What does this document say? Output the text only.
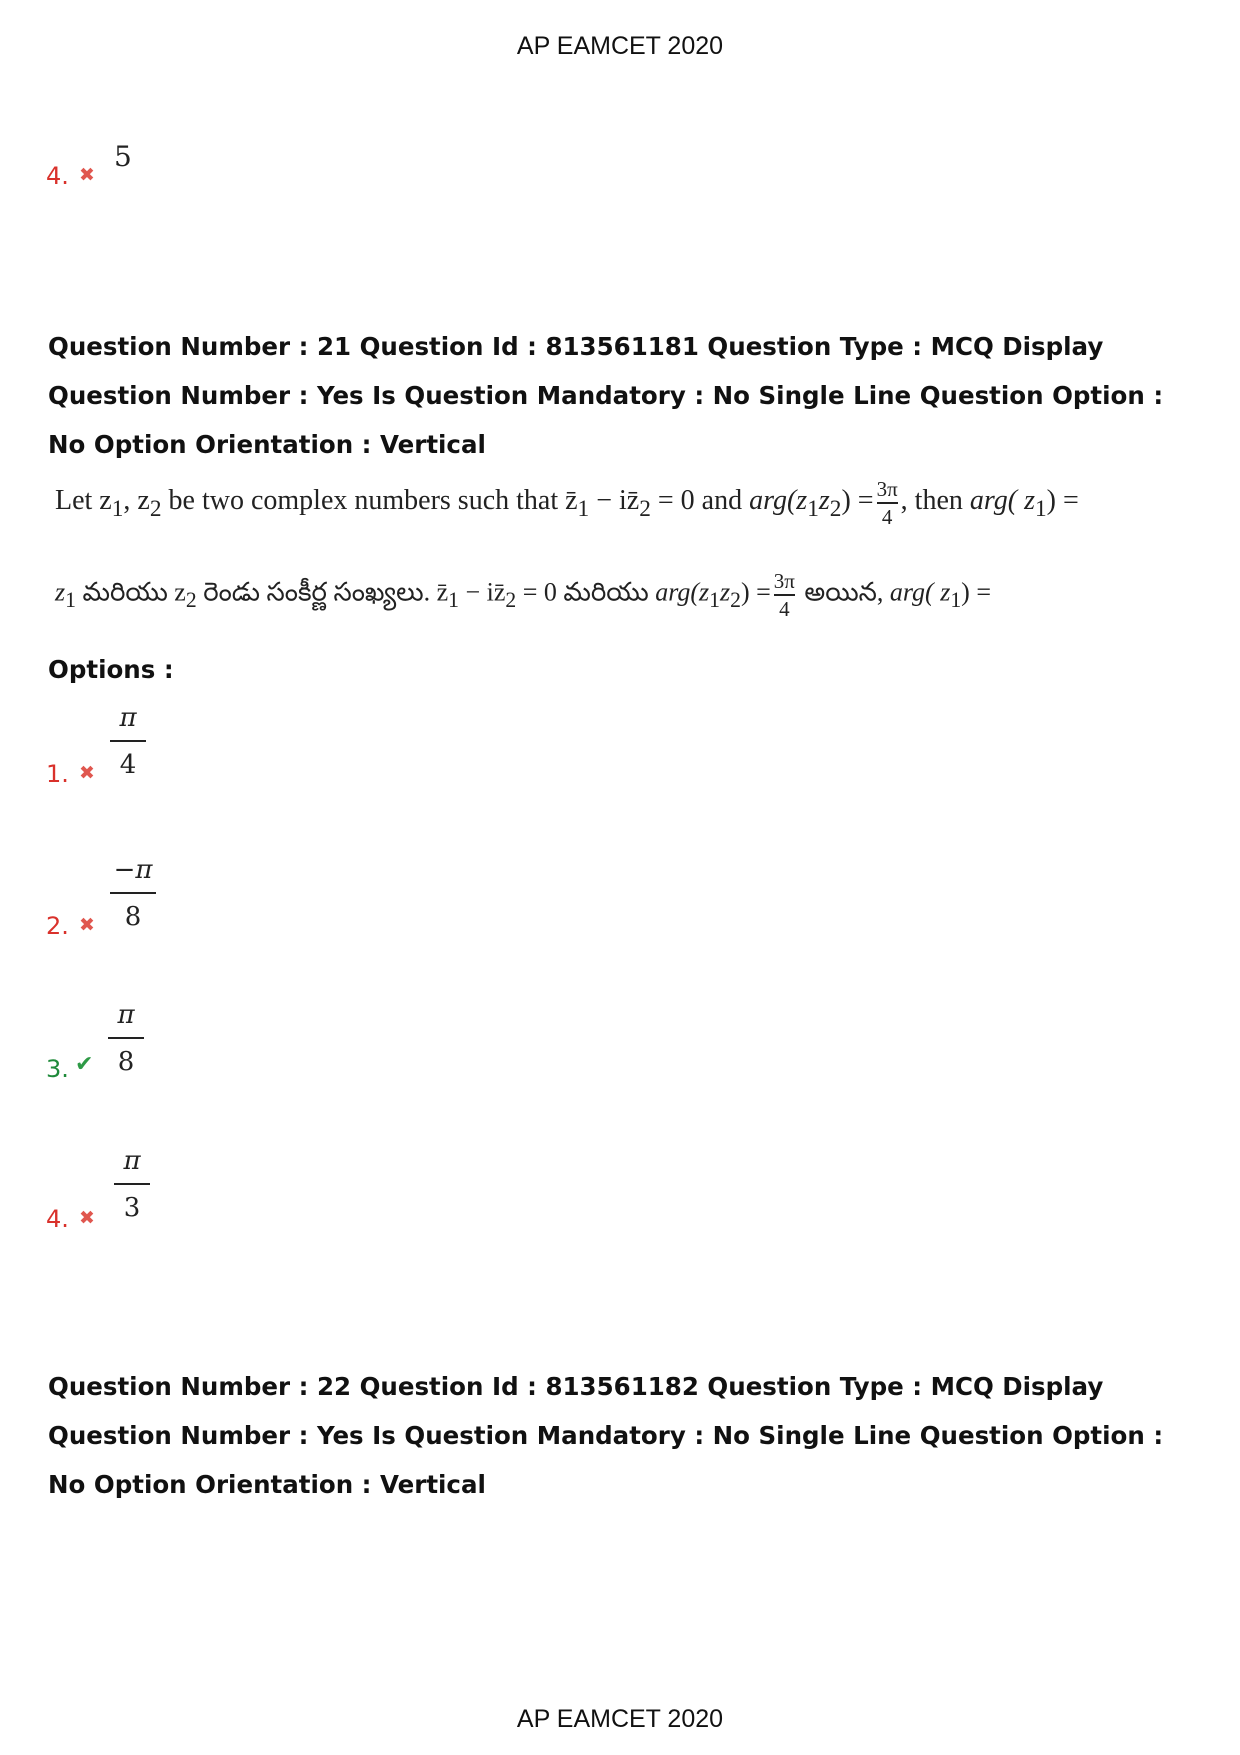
AP EAMCET 2020
4. ✖
5
Question Number : 21 Question Id : 813561181 Question Type : MCQ Display Question Number : Yes Is Question Mandatory : No Single Line Question Option : No Option Orientation : Vertical
Let $z_1$, $z_2$ be two complex numbers such that $z̄_1$ − $iz̄_2 = 0$ and $arg(z_1z_2) = \frac{3\pi}{4}$ , then arg( $z_1$) =
$z_1$ మరియు $z_2$ రెండు సంకీర్ణ సంఖ్యలు. $z̄_1$ − $iz̄_2 = 0$ మరియు $arg(z_1z_2) = \frac{3\pi}{4}$ అయిన, arg( $z_1$) =
Options :
1. ✖
π
4
2. ✖
−π
8
3. ✔
π
8
4. ✖
π
3
Question Number : 22 Question Id : 813561182 Question Type : MCQ Display Question Number : Yes Is Question Mandatory : No Single Line Question Option : No Option Orientation : Vertical
AP EAMCET 2020
